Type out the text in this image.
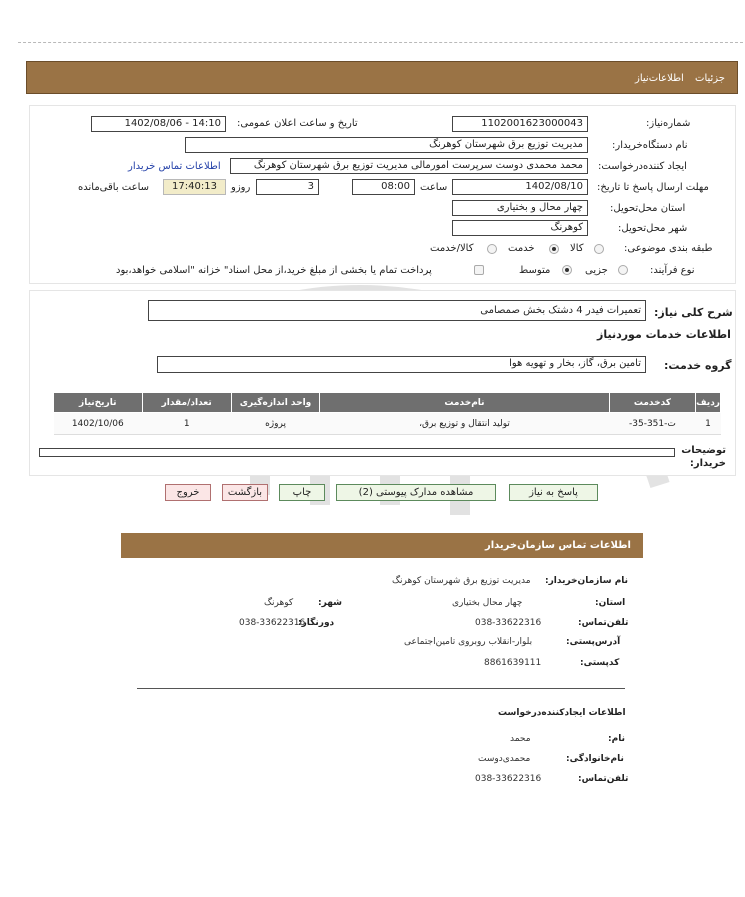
جزئیات اطلاعات‌نیاز
شماره‌نیاز:
1102001623000043
تاریخ و ساعت اعلان عمومی:
1402/08/06 - 14:10
نام دستگاه‌خریدار:
مدیریت توزیع برق شهرستان کوهرنگ
ایجاد کننده‌درخواست:
محمد محمدی دوست سرپرست امورمالی مدیریت توزیع برق شهرستان کوهرنگ
اطلاعات تماس خریدار
مهلت ارسال پاسخ تا تاریخ:
1402/08/10
ساعت
08:00
3
روزو
17:40:13
ساعت باقی‌مانده
استان محل‌تحویل:
چهار محال و بختیاری
شهر محل‌تحویل:
کوهرنگ
طبقه بندی موضوعی:
کالا
خدمت
کالا/خدمت
نوع فرآیند:
جزیی
متوسط
پرداخت تمام یا بخشی از مبلغ خرید،از محل اسناد" خزانه "اسلامی خواهد،بود
شرح کلی نیاز:
تعمیرات فیدر 4 دشتک بخش صمصامی
اطلاعات خدمات موردنیاز
گروه خدمت:
تامین برق، گاز، بخار و تهویه هوا
ردیف	کدخدمت	نام‌خدمت	واحد اندازه‌گیری	تعداد/مقدار	تاریخ‌نیاز
1	ت-351-35-	تولید انتقال و توزیع برق،	پروژه	1	1402/10/06
توضیحات خریدار:
پاسخ به نیاز
مشاهده مدارک پیوستی (2)
چاپ
بازگشت
خروج
اطلاعات تماس سازمان‌خریدار
نام سازمان‌خریدار:
مدیریت توزیع برق شهرستان کوهرنگ
استان:
چهار محال بختیاری
شهر:
کوهرنگ
تلفن‌تماس:
038-33622316
دورنگار:
038-33622316
آدرس‌پستی:
بلوار-انقلاب روبروی تامین‌اجتماعی
کدپستی:
8861639111
اطلاعات ایجادکننده‌درخواست
نام:
محمد
نام‌خانوادگی:
محمدی‌دوست
تلفن‌تماس:
038-33622316
